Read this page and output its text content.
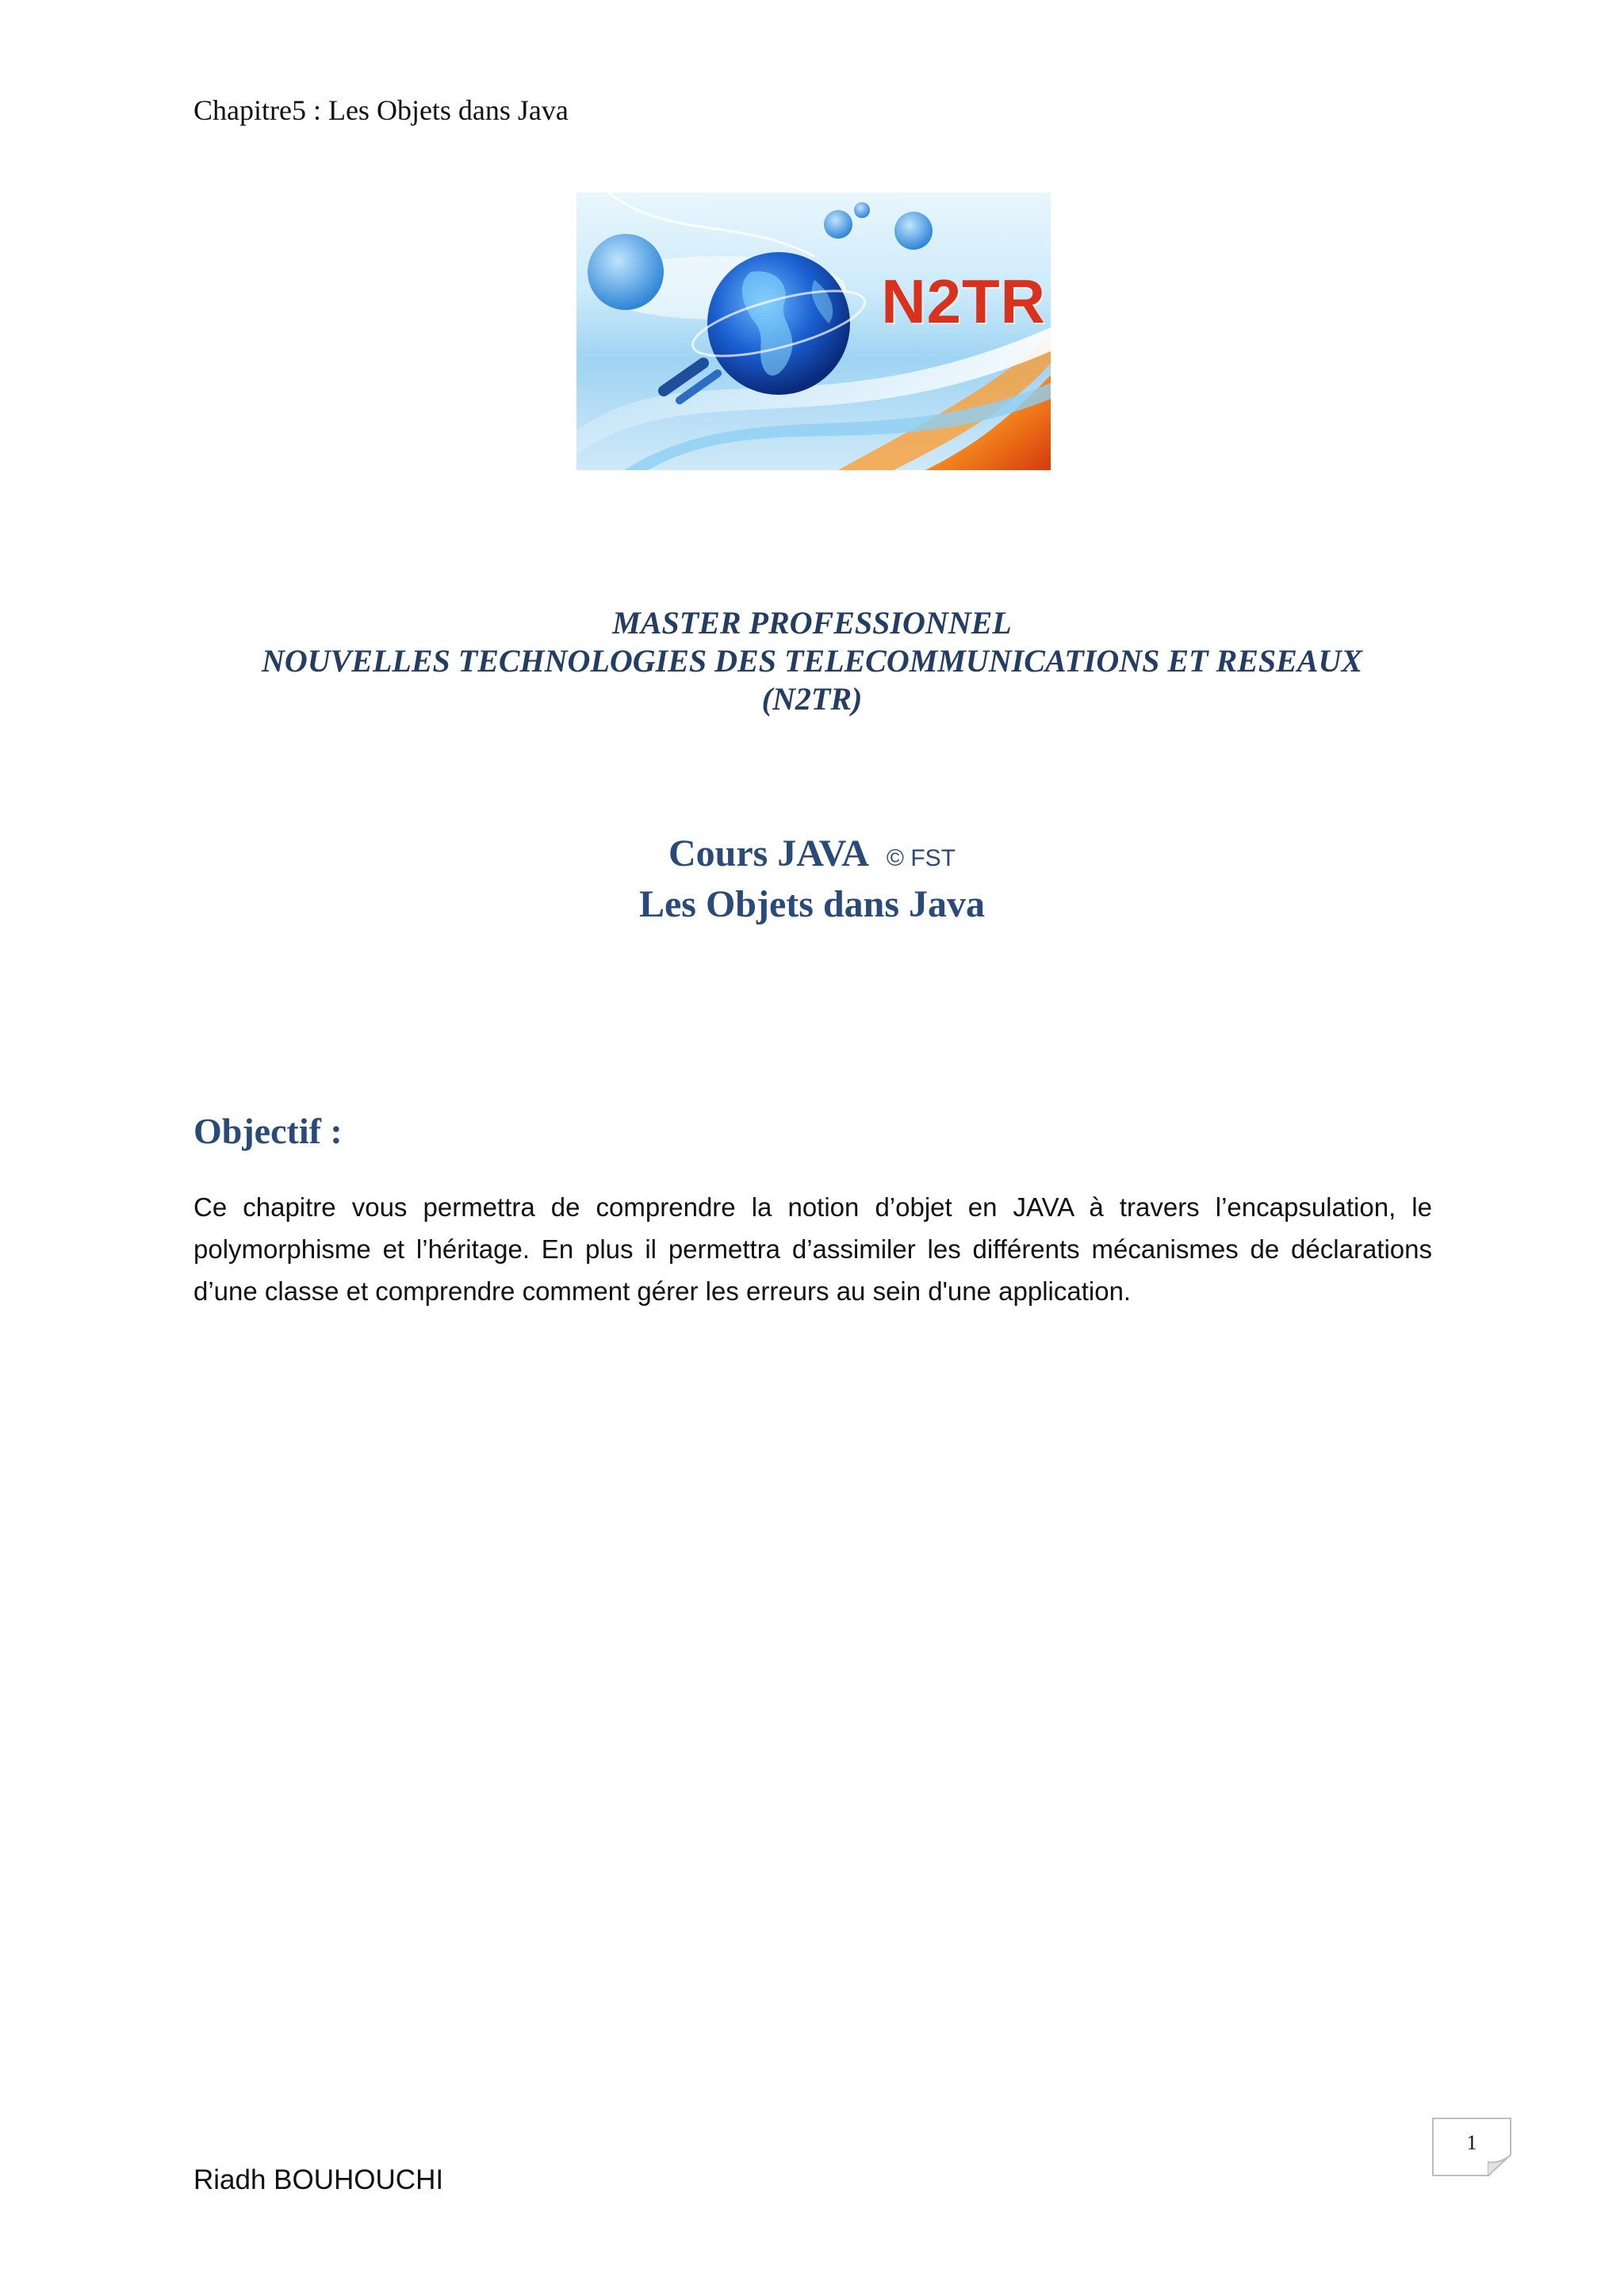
Chapitre5 : Les Objets dans Java
N2TR
MASTER PROFESSIONNEL
NOUVELLES TECHNOLOGIES DES TELECOMMUNICATIONS ET RESEAUX
(N2TR)
Cours JAVA © FST
Les Objets dans Java
Objectif :
Ce chapitre vous permettra de comprendre la notion d’objet en JAVA à travers l’encapsulation, le polymorphisme et l’héritage. En plus il permettra d’assimiler les différents mécanismes de déclarations d’une classe et comprendre comment gérer les erreurs au sein d'une application.
1
Riadh BOUHOUCHI
